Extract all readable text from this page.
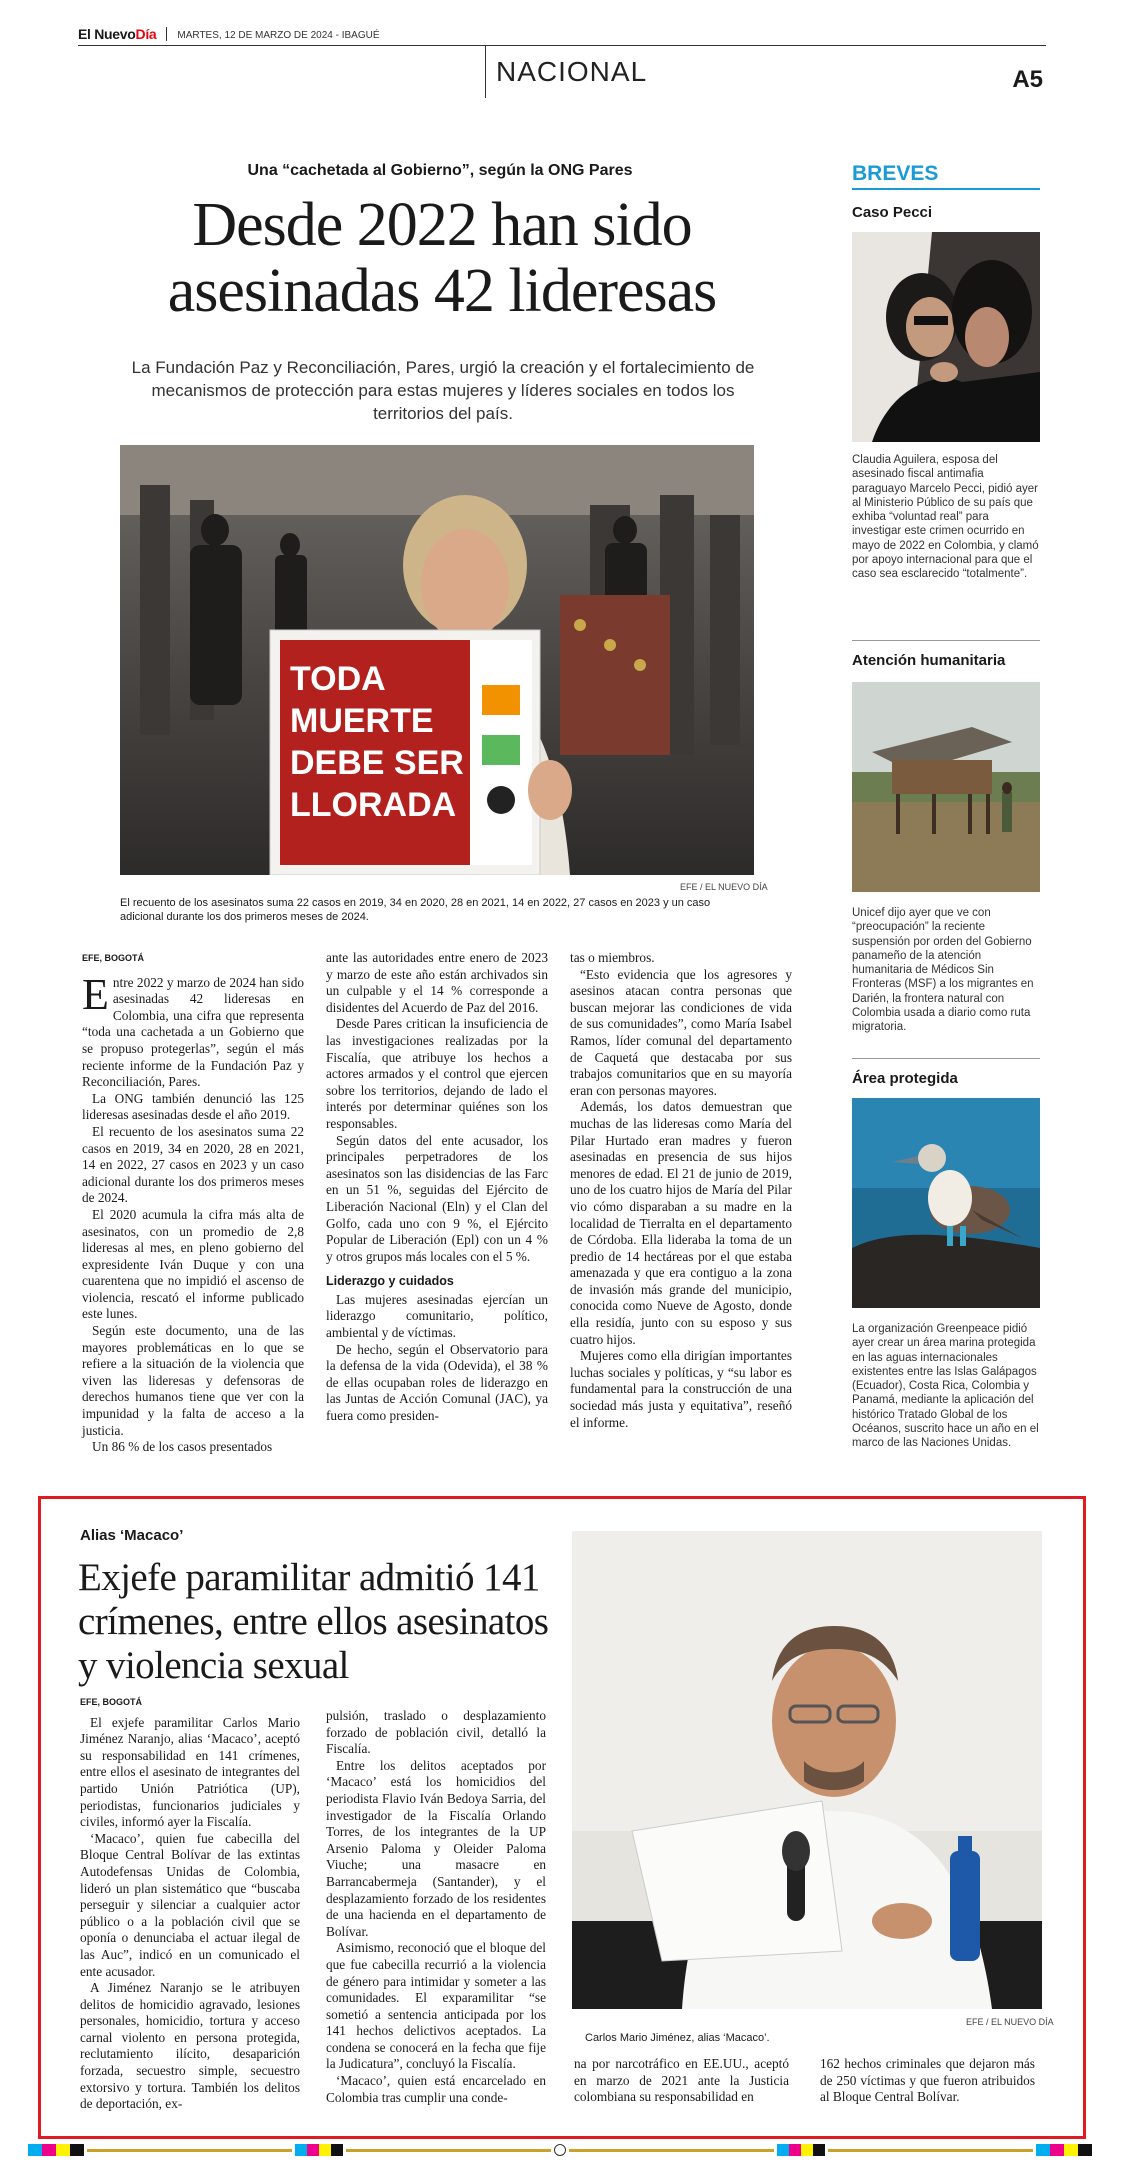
El NuevoDía MARTES, 12 DE MARZO DE 2024 - IBAGUÉ
NACIONAL	A5
Una “cachetada al Gobierno”, según la ONG Pares
Desde 2022 han sido asesinadas 42 lideresas
La Fundación Paz y Reconciliación, Pares, urgió la creación y el fortalecimiento de mecanismos de protección para estas mujeres y líderes sociales en todos los territorios del país.
TODA
MUERTE
DEBE SER
LLORADA
EFE / EL NUEVO DÍA
El recuento de los asesinatos suma 22 casos en 2019, 34 en 2020, 28 en 2021, 14 en 2022, 27 casos en 2023 y un caso adicional durante los dos primeros meses de 2024.
EFE, BOGOTÁ

Entre 2022 y marzo de 2024 han sido asesinadas 42 lideresas en Colombia, una cifra que representa “toda una cachetada a un Gobierno que se propuso protegerlas”, según el más reciente informe de la Fundación Paz y Reconciliación, Pares.

La ONG también denunció las 125 lideresas asesinadas desde el año 2019.

El recuento de los asesinatos suma 22 casos en 2019, 34 en 2020, 28 en 2021, 14 en 2022, 27 casos en 2023 y un caso adicional durante los dos primeros meses de 2024.

El 2020 acumula la cifra más alta de asesinatos, con un promedio de 2,8 lideresas al mes, en pleno gobierno del expresidente Iván Duque y con una cuarentena que no impidió el ascenso de violencia, rescató el informe publicado este lunes.

Según este documento, una de las mayores problemáticas en lo que se refiere a la situación de la violencia que viven las lideresas y defensoras de derechos humanos tiene que ver con la impunidad y la falta de acceso a la justicia.

Un 86 % de los casos presentados

ante las autoridades entre enero de 2023 y marzo de este año están archivados sin un culpable y el 14 % corresponde a disidentes del Acuerdo de Paz del 2016.

Desde Pares critican la insuficiencia de las investigaciones realizadas por la Fiscalía, que atribuye los hechos a actores armados y el control que ejercen sobre los territorios, dejando de lado el interés por determinar quiénes son los responsables.

Según datos del ente acusador, los principales perpetradores de los asesinatos son las disidencias de las Farc en un 51 %, seguidas del Ejército de Liberación Nacional (Eln) y el Clan del Golfo, cada uno con 9 %, el Ejército Popular de Liberación (Epl) con un 4 % y otros grupos más locales con el 5 %.

Liderazgo y cuidados

Las mujeres asesinadas ejercían un liderazgo comunitario, político, ambiental y de víctimas.

De hecho, según el Observatorio para la defensa de la vida (Odevida), el 38 % de ellas ocupaban roles de liderazgo en las Juntas de Acción Comunal (JAC), ya fuera como presiden-

tas o miembros.

“Esto evidencia que los agresores y asesinos atacan contra personas que buscan mejorar las condiciones de vida de sus comunidades”, como María Isabel Ramos, líder comunal del departamento de Caquetá que destacaba por sus trabajos comunitarios que en su mayoría eran con personas mayores.

Además, los datos demuestran que muchas de las lideresas como María del Pilar Hurtado eran madres y fueron asesinadas en presencia de sus hijos menores de edad. El 21 de junio de 2019, uno de los cuatro hijos de María del Pilar vio cómo disparaban a su madre en la localidad de Tierralta en el departamento de Córdoba. Ella lideraba la toma de un predio de 14 hectáreas por el que estaba amenazada y que era contiguo a la zona de invasión más grande del municipio, conocida como Nueve de Agosto, donde ella residía, junto con su esposo y sus cuatro hijos.

Mujeres como ella dirigían importantes luchas sociales y políticas, y “su labor es fundamental para la construcción de una sociedad más justa y equitativa”, reseñó el informe.

BREVES
Caso Pecci
Claudia Aguilera, esposa del asesinado fiscal antimafia paraguayo Marcelo Pecci, pidió ayer al Ministerio Público de su país que exhiba “voluntad real” para investigar este crimen ocurrido en mayo de 2022 en Colombia, y clamó por apoyo internacional para que el caso sea esclarecido “totalmente”.
Atención humanitaria
Unicef dijo ayer que ve con “preocupación” la reciente suspensión por orden del Gobierno panameño de la atención humanitaria de Médicos Sin Fronteras (MSF) a los migrantes en Darién, la frontera natural con Colombia usada a diario como ruta migratoria.
Área protegida
La organización Greenpeace pidió ayer crear un área marina protegida en las aguas internacionales existentes entre las Islas Galápagos (Ecuador), Costa Rica, Colombia y Panamá, mediante la aplicación del histórico Tratado Global de los Océanos, suscrito hace un año en el marco de las Naciones Unidas.
Alias ‘Macaco’
Exjefe paramilitar admitió 141 crímenes, entre ellos asesinatos y violencia sexual
EFE / EL NUEVO DÍA
Carlos Mario Jiménez, alias ‘Macaco’.
EFE, BOGOTÁ

El exjefe paramilitar Carlos Mario Jiménez Naranjo, alias ‘Macaco’, aceptó su responsabilidad en 141 crímenes, entre ellos el asesinato de integrantes del partido Unión Patriótica (UP), periodistas, funcionarios judiciales y civiles, informó ayer la Fiscalía.

‘Macaco’, quien fue cabecilla del Bloque Central Bolívar de las extintas Autodefensas Unidas de Colombia, lideró un plan sistemático que “buscaba perseguir y silenciar a cualquier actor público o a la población civil que se oponía o denunciaba el actuar ilegal de las Auc”, indicó en un comunicado el ente acusador.

A Jiménez Naranjo se le atribuyen delitos de homicidio agravado, lesiones personales, homicidio, tortura y acceso carnal violento en persona protegida, reclutamiento ilícito, desaparición forzada, secuestro simple, secuestro extorsivo y tortura. También los delitos de deportación, ex-

pulsión, traslado o desplazamiento forzado de población civil, detalló la Fiscalía.

Entre los delitos aceptados por ‘Macaco’ está los homicidios del periodista Flavio Iván Bedoya Sarria, del investigador de la Fiscalía Orlando Torres, de los integrantes de la UP Arsenio Paloma y Oleider Paloma Viuche; una masacre en Barrancabermeja (Santander), y el desplazamiento forzado de los residentes de una hacienda en el departamento de Bolívar.

Asimismo, reconoció que el bloque del que fue cabecilla recurrió a la violencia de género para intimidar y someter a las comunidades. El exparamilitar “se sometió a sentencia anticipada por los 141 hechos delictivos aceptados. La condena se conocerá en la fecha que fije la Judicatura”, concluyó la Fiscalía.

‘Macaco’, quien está encarcelado en Colombia tras cumplir una conde-

na por narcotráfico en EE.UU., aceptó en marzo de 2021 ante la Justicia colombiana su responsabilidad en

162 hechos criminales que dejaron más de 250 víctimas y que fueron atribuidos al Bloque Central Bolívar.
